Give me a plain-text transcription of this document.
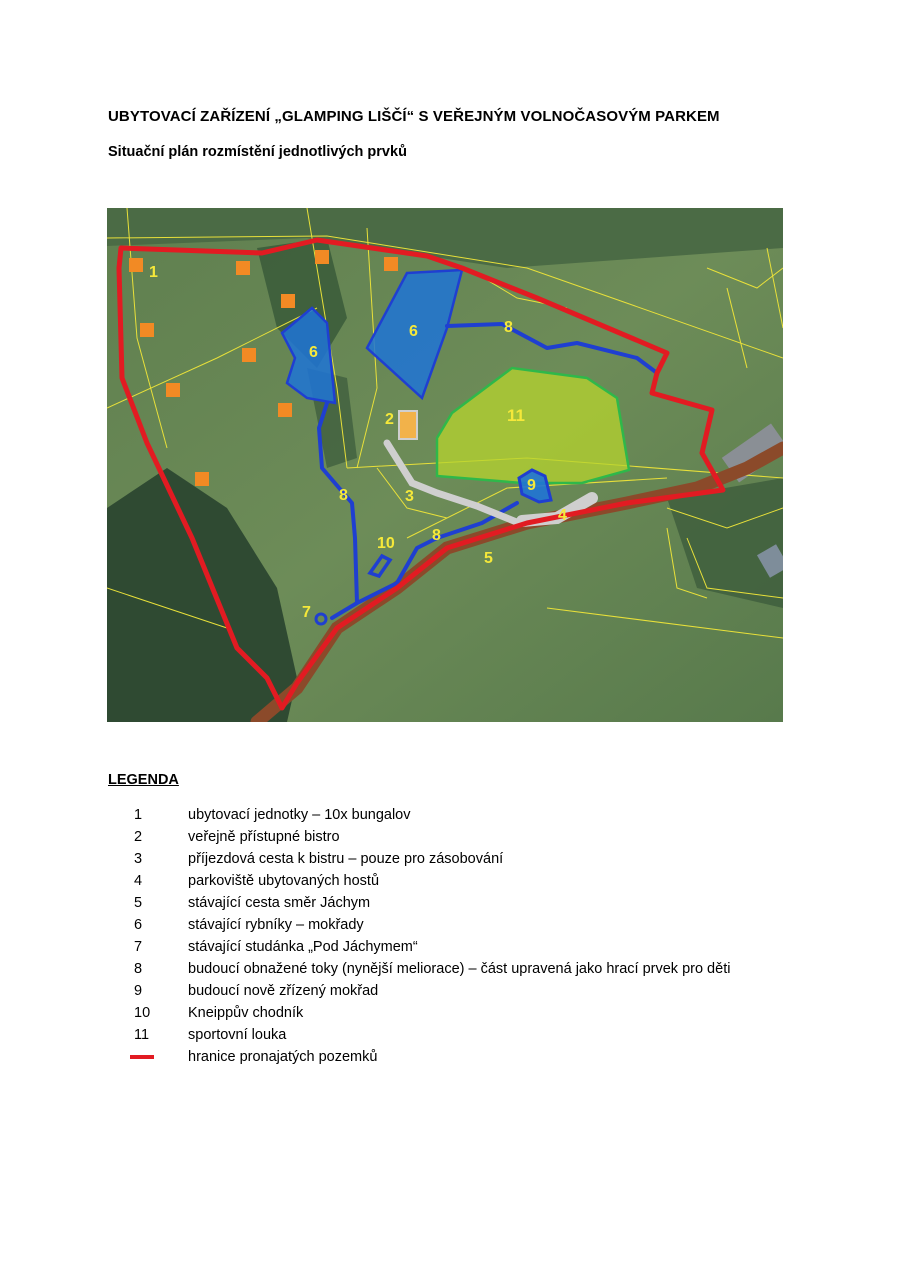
UBYTOVACÍ ZAŘÍZENÍ „GLAMPING LIŠČÍ“ S VEŘEJNÝM VOLNOČASOVÝM PARKEM
Situační plán rozmístění jednotlivých prvků
1
2
3
4
5
6
6
7
8
8
8
9
10
11
LEGENDA
1	ubytovací jednotky – 10x bungalov
2	veřejně přístupné bistro
3	příjezdová cesta k bistru – pouze pro zásobování
4	parkoviště ubytovaných hostů
5	stávající cesta směr Jáchym
6	stávající rybníky – mokřady
7	stávající studánka „Pod Jáchymem“
8	budoucí obnažené toky (nynější meliorace) – část upravená jako hrací prvek pro děti
9	budoucí nově zřízený mokřad
10	Kneippův chodník
11	sportovní louka
hranice pronajatých pozemků
